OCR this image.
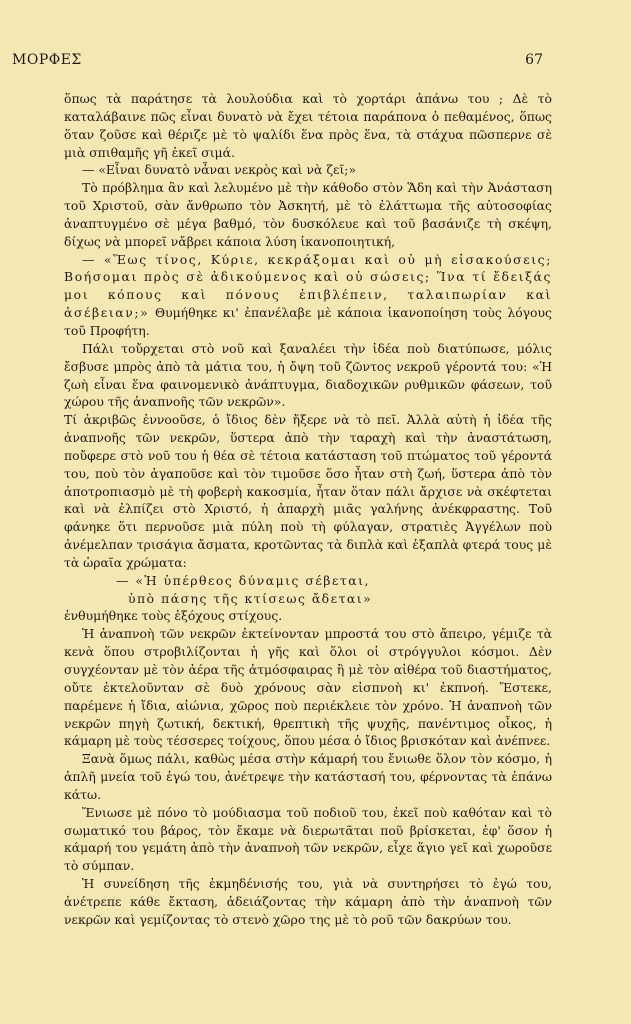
ΜΟΡΦΕΣ	67

ὅπως τὰ παράτησε τὰ λουλούδια καὶ τὸ χορτάρι ἀπάνω του ; Δὲ τὸ καταλάβαινε πῶς εἶναι δυνατὸ νὰ ἔχει τέτοια παράπονα ὁ πεθαμένος, ὅπως ὅταν ζοῦσε καὶ θέριζε μὲ τὸ ψαλίδι ἕνα πρὸς ἕνα, τὰ στάχυα πῶσπερνε σὲ μιὰ σπιθαμῆς γῆ ἐκεῖ σιμά.

— «Εἶναι δυνατὸ νἆναι νεκρὸς καὶ νὰ ζεῖ;»

Τὸ πρόβλημα ἂν καὶ λελυμένο μὲ τὴν κάθοδο στὸν Ἅδη καὶ τὴν Ἀνάσταση τοῦ Χριστοῦ, σὰν ἄνθρωπο τὸν Ἀσκητή, μὲ τὸ ἐλάττωμα τῆς αὐτοσοφίας ἀναπτυγμένο σὲ μέγα βαθμό, τὸν δυσκόλευε καὶ τοῦ βασάνιζε τὴ σκέψη, δίχως νὰ μπορεῖ νἄβρει κάποια λύση ἱκανοποιητική,

— «Ἕως τίνος, Κύριε, κεκράξομαι καὶ οὐ μὴ εἰσακούσεις; Βοήσομαι πρὸς σὲ ἀδικούμενος καὶ οὐ σώσεις; Ἵνα τί ἔδειξάς μοι κόπους καὶ πόνους ἐπιβλέπειν, ταλαιπωρίαν καὶ ἀσέβειαν;» Θυμήθηκε κι' ἐπανέλαβε μὲ κάποια ἱκανοποίηση τοὺς λόγους τοῦ Προφήτη.

Πάλι τοὔρχεται στὸ νοῦ καὶ ξαναλέει τὴν ἰδέα ποὺ διατύπωσε, μόλις ἔσβυσε μπρὸς ἀπὸ τὰ μάτια του, ἡ ὄψη τοῦ ζῶντος νεκροῦ γέροντά του: «Ἡ ζωὴ εἶναι ἕνα φαινομενικὸ ἀνάπτυγμα, διαδοχικῶν ρυθμικῶν φάσεων, τοῦ χώρου τῆς ἀναπνοῆς τῶν νεκρῶν».

Τί ἀκριβῶς ἐννοοῦσε, ὁ ἴδιος δὲν ἤξερε νὰ τὸ πεῖ. Ἀλλὰ αὐτὴ ἡ ἰδέα τῆς ἀναπνοῆς τῶν νεκρῶν, ὕστερα ἀπὸ τὴν ταραχὴ καὶ τὴν ἀναστάτωση, ποὔφερε στὸ νοῦ του ἡ θέα σὲ τέτοια κατάσταση τοῦ πτώματος τοῦ γέροντά του, ποὺ τὸν ἀγαποῦσε καὶ τὸν τιμοῦσε ὅσο ἦταν στὴ ζωή, ὕστερα ἀπὸ τὸν ἀποτροπιασμὸ μὲ τὴ φοβερὴ κακοσμία, ἦταν ὅταν πάλι ἄρχισε νὰ σκέφτεται καὶ νὰ ἐλπίζει στὸ Χριστό, ἡ ἀπαρχὴ μιᾶς γαλήνης ἀνέκφραστης. Τοῦ φάνηκε ὅτι περνοῦσε μιὰ πύλη ποὺ τὴ φύλαγαν, στρατιὲς Ἀγγέλων ποὺ ἀνέμελπαν τρισάγια ἄσματα, κροτῶντας τὰ διπλὰ καὶ ἑξαπλὰ φτερά τους μὲ τὰ ὡραῖα χρώματα:

— «Ἡ ὑπέρθεος δύναμις σέβεται,

ὑπὸ πάσης τῆς κτίσεως ἄδεται»

ἐνθυμήθηκε τοὺς ἐξόχους στίχους.

Ἡ ἀναπνοὴ τῶν νεκρῶν ἐκτείνονταν μπροστά του στὸ ἄπειρο, γέμιζε τὰ κενὰ ὅπου στροβιλίζονται ἡ γῆς καὶ ὅλοι οἱ στρόγγυλοι κόσμοι. Δὲν συγχέονταν μὲ τὸν ἀέρα τῆς ἀτμόσφαιρας ἢ μὲ τὸν αἰθέρα τοῦ διαστήματος, οὔτε ἐκτελοῦνταν σὲ δυὸ χρόνους σὰν εἰσπνοὴ κι' ἐκπνοή. Ἔστεκε, παρέμενε ἡ ἴδια, αἰώνια, χῶρος ποὺ περιέκλειε τὸν χρόνο. Ἡ ἀναπνοὴ τῶν νεκρῶν πηγὴ ζωτική, δεκτική, θρεπτικὴ τῆς ψυχῆς, πανέντιμος οἶκος, ἡ κάμαρη μὲ τοὺς τέσσερες τοίχους, ὅπου μέσα ὁ ἴδιος βρισκόταν καὶ ἀνέπνεε.

Ξανὰ ὅμως πάλι, καθὼς μέσα στὴν κάμαρή του ἔνιωθε ὅλον τὸν κόσμο, ἡ ἁπλῆ μνεία τοῦ ἐγώ του, ἀνέτρεψε τὴν κατάστασή του, φέρνοντας τὰ ἐπάνω κάτω.

Ἔνιωσε μὲ πόνο τὸ μούδιασμα τοῦ ποδιοῦ του, ἐκεῖ ποὺ καθόταν καὶ τὸ σωματικό του βάρος, τὸν ἔκαμε νὰ διερωτᾶται ποῦ βρίσκεται, ἐφ' ὅσον ἡ κάμαρή του γεμάτη ἀπὸ τὴν ἀναπνοὴ τῶν νεκρῶν, εἶχε ἅγιο γεῖ καὶ χωροῦσε τὸ σύμπαν.

Ἡ συνείδηση τῆς ἐκμηδένισής του, γιὰ νὰ συντηρήσει τὸ ἐγώ του, ἀνέτρεπε κάθε ἔκταση, ἀδειάζοντας τὴν κάμαρη ἀπὸ τὴν ἀναπνοὴ τῶν νεκρῶν καὶ γεμίζοντας τὸ στενὸ χῶρο της μὲ τὸ ροῦ τῶν δακρύων του.
